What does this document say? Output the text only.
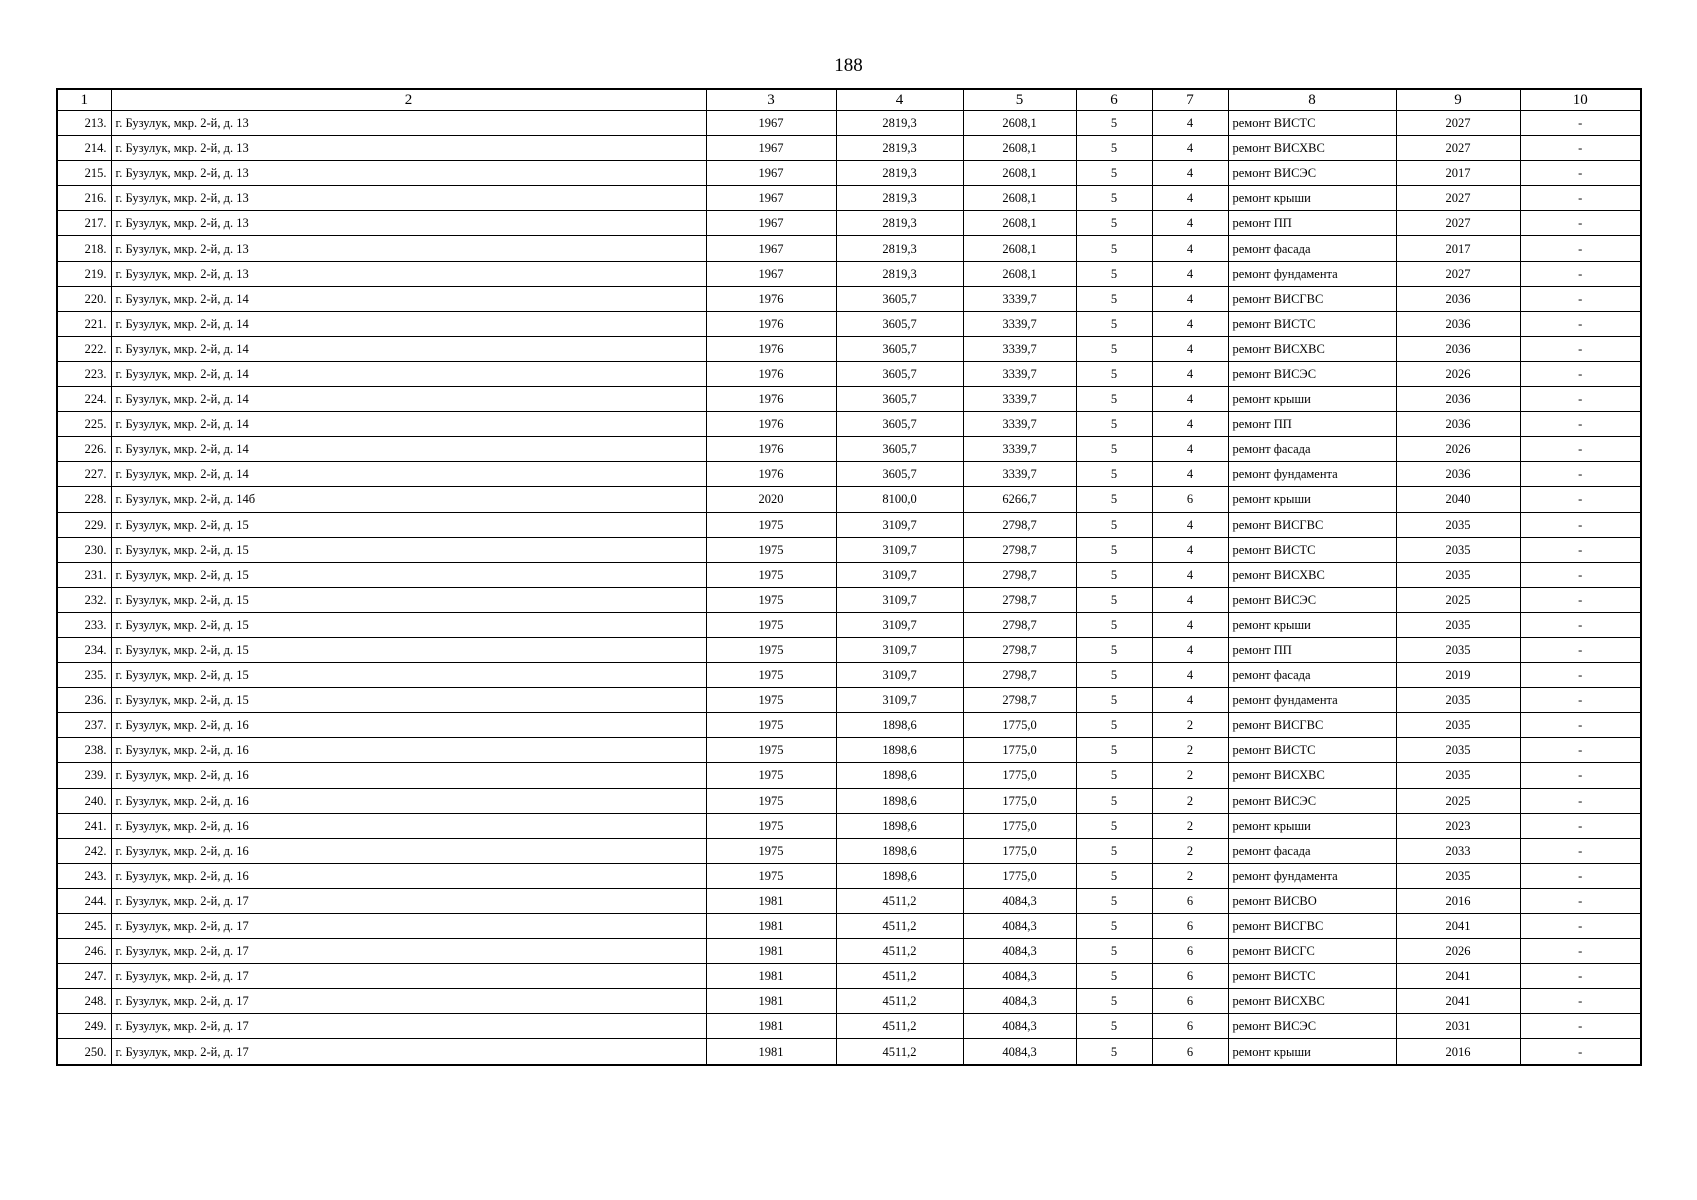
188
1	2	3	4	5	6	7	8	9	10
213.	г. Бузулук, мкр. 2-й, д. 13	1967	2819,3	2608,1	5	4	ремонт ВИСТС	2027	-
214.	г. Бузулук, мкр. 2-й, д. 13	1967	2819,3	2608,1	5	4	ремонт ВИСХВС	2027	-
215.	г. Бузулук, мкр. 2-й, д. 13	1967	2819,3	2608,1	5	4	ремонт ВИСЭС	2017	-
216.	г. Бузулук, мкр. 2-й, д. 13	1967	2819,3	2608,1	5	4	ремонт крыши	2027	-
217.	г. Бузулук, мкр. 2-й, д. 13	1967	2819,3	2608,1	5	4	ремонт ПП	2027	-
218.	г. Бузулук, мкр. 2-й, д. 13	1967	2819,3	2608,1	5	4	ремонт фасада	2017	-
219.	г. Бузулук, мкр. 2-й, д. 13	1967	2819,3	2608,1	5	4	ремонт фундамента	2027	-
220.	г. Бузулук, мкр. 2-й, д. 14	1976	3605,7	3339,7	5	4	ремонт ВИСГВС	2036	-
221.	г. Бузулук, мкр. 2-й, д. 14	1976	3605,7	3339,7	5	4	ремонт ВИСТС	2036	-
222.	г. Бузулук, мкр. 2-й, д. 14	1976	3605,7	3339,7	5	4	ремонт ВИСХВС	2036	-
223.	г. Бузулук, мкр. 2-й, д. 14	1976	3605,7	3339,7	5	4	ремонт ВИСЭС	2026	-
224.	г. Бузулук, мкр. 2-й, д. 14	1976	3605,7	3339,7	5	4	ремонт крыши	2036	-
225.	г. Бузулук, мкр. 2-й, д. 14	1976	3605,7	3339,7	5	4	ремонт ПП	2036	-
226.	г. Бузулук, мкр. 2-й, д. 14	1976	3605,7	3339,7	5	4	ремонт фасада	2026	-
227.	г. Бузулук, мкр. 2-й, д. 14	1976	3605,7	3339,7	5	4	ремонт фундамента	2036	-
228.	г. Бузулук, мкр. 2-й, д. 14б	2020	8100,0	6266,7	5	6	ремонт крыши	2040	-
229.	г. Бузулук, мкр. 2-й, д. 15	1975	3109,7	2798,7	5	4	ремонт ВИСГВС	2035	-
230.	г. Бузулук, мкр. 2-й, д. 15	1975	3109,7	2798,7	5	4	ремонт ВИСТС	2035	-
231.	г. Бузулук, мкр. 2-й, д. 15	1975	3109,7	2798,7	5	4	ремонт ВИСХВС	2035	-
232.	г. Бузулук, мкр. 2-й, д. 15	1975	3109,7	2798,7	5	4	ремонт ВИСЭС	2025	-
233.	г. Бузулук, мкр. 2-й, д. 15	1975	3109,7	2798,7	5	4	ремонт крыши	2035	-
234.	г. Бузулук, мкр. 2-й, д. 15	1975	3109,7	2798,7	5	4	ремонт ПП	2035	-
235.	г. Бузулук, мкр. 2-й, д. 15	1975	3109,7	2798,7	5	4	ремонт фасада	2019	-
236.	г. Бузулук, мкр. 2-й, д. 15	1975	3109,7	2798,7	5	4	ремонт фундамента	2035	-
237.	г. Бузулук, мкр. 2-й, д. 16	1975	1898,6	1775,0	5	2	ремонт ВИСГВС	2035	-
238.	г. Бузулук, мкр. 2-й, д. 16	1975	1898,6	1775,0	5	2	ремонт ВИСТС	2035	-
239.	г. Бузулук, мкр. 2-й, д. 16	1975	1898,6	1775,0	5	2	ремонт ВИСХВС	2035	-
240.	г. Бузулук, мкр. 2-й, д. 16	1975	1898,6	1775,0	5	2	ремонт ВИСЭС	2025	-
241.	г. Бузулук, мкр. 2-й, д. 16	1975	1898,6	1775,0	5	2	ремонт крыши	2023	-
242.	г. Бузулук, мкр. 2-й, д. 16	1975	1898,6	1775,0	5	2	ремонт фасада	2033	-
243.	г. Бузулук, мкр. 2-й, д. 16	1975	1898,6	1775,0	5	2	ремонт фундамента	2035	-
244.	г. Бузулук, мкр. 2-й, д. 17	1981	4511,2	4084,3	5	6	ремонт ВИСВО	2016	-
245.	г. Бузулук, мкр. 2-й, д. 17	1981	4511,2	4084,3	5	6	ремонт ВИСГВС	2041	-
246.	г. Бузулук, мкр. 2-й, д. 17	1981	4511,2	4084,3	5	6	ремонт ВИСГС	2026	-
247.	г. Бузулук, мкр. 2-й, д. 17	1981	4511,2	4084,3	5	6	ремонт ВИСТС	2041	-
248.	г. Бузулук, мкр. 2-й, д. 17	1981	4511,2	4084,3	5	6	ремонт ВИСХВС	2041	-
249.	г. Бузулук, мкр. 2-й, д. 17	1981	4511,2	4084,3	5	6	ремонт ВИСЭС	2031	-
250.	г. Бузулук, мкр. 2-й, д. 17	1981	4511,2	4084,3	5	6	ремонт крыши	2016	-
